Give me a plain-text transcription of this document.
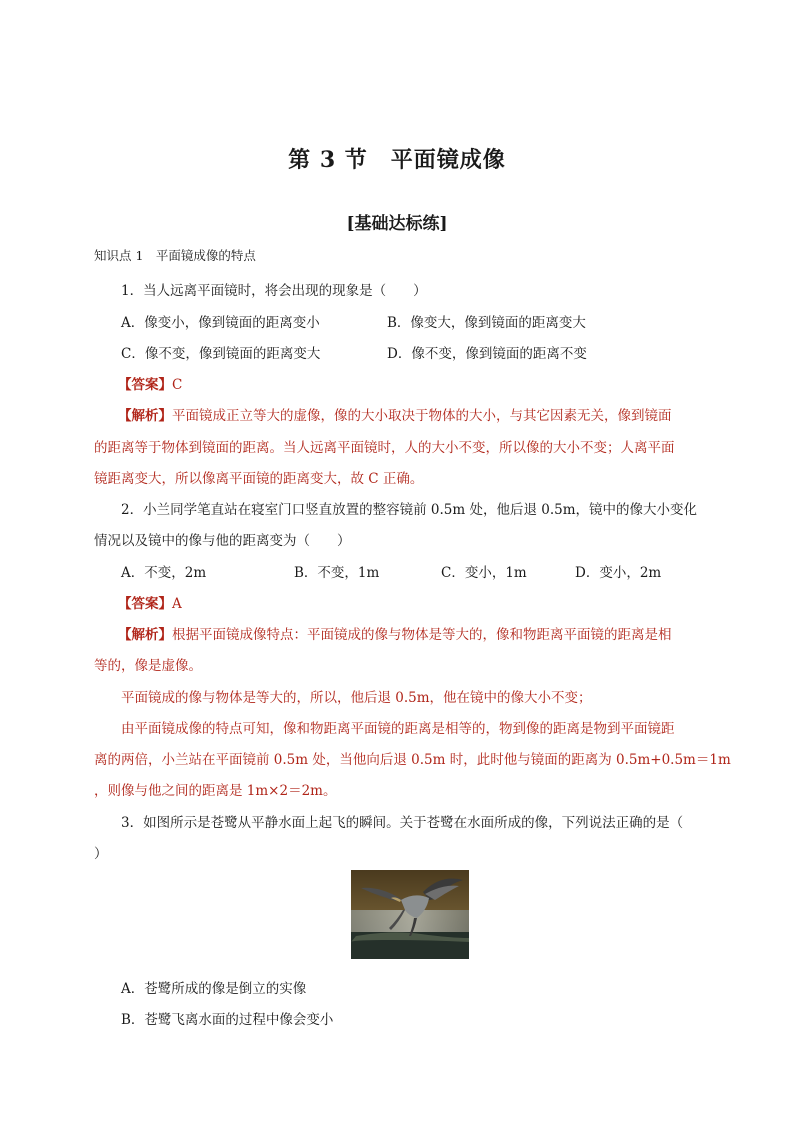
第 3 节　平面镜成像
[基础达标练]
知识点 1　平面镜成像的特点
1．当人远离平面镜时，将会出现的现象是（　　）
A．像变小，像到镜面的距离变小	B．像变大，像到镜面的距离变大
C．像不变，像到镜面的距离变大	D．像不变，像到镜面的距离不变
【答案】C
【解析】平面镜成正立等大的虚像，像的大小取决于物体的大小，与其它因素无关，像到镜面
的距离等于物体到镜面的距离。当人远离平面镜时，人的大小不变，所以像的大小不变；人离平面
镜距离变大，所以像离平面镜的距离变大，故 C 正确。
2．小兰同学笔直站在寝室门口竖直放置的整容镜前 0.5m 处，他后退 0.5m，镜中的像大小变化
情况以及镜中的像与他的距离变为（　　）
A．不变，2m	B．不变，1m	C．变小，1m	D．变小，2m
【答案】A
【解析】根据平面镜成像特点：平面镜成的像与物体是等大的，像和物距离平面镜的距离是相
等的，像是虚像。
平面镜成的像与物体是等大的，所以，他后退 0.5m，他在镜中的像大小不变；
由平面镜成像的特点可知，像和物距离平面镜的距离是相等的，物到像的距离是物到平面镜距
离的两倍，小兰站在平面镜前 0.5m 处，当他向后退 0.5m 时，此时他与镜面的距离为 0.5m+0.5m＝1m
，则像与他之间的距离是 1m×2＝2m。
3．如图所示是苍鹭从平静水面上起飞的瞬间。关于苍鹭在水面所成的像，下列说法正确的是（
）
A．苍鹭所成的像是倒立的实像
B．苍鹭飞离水面的过程中像会变小
